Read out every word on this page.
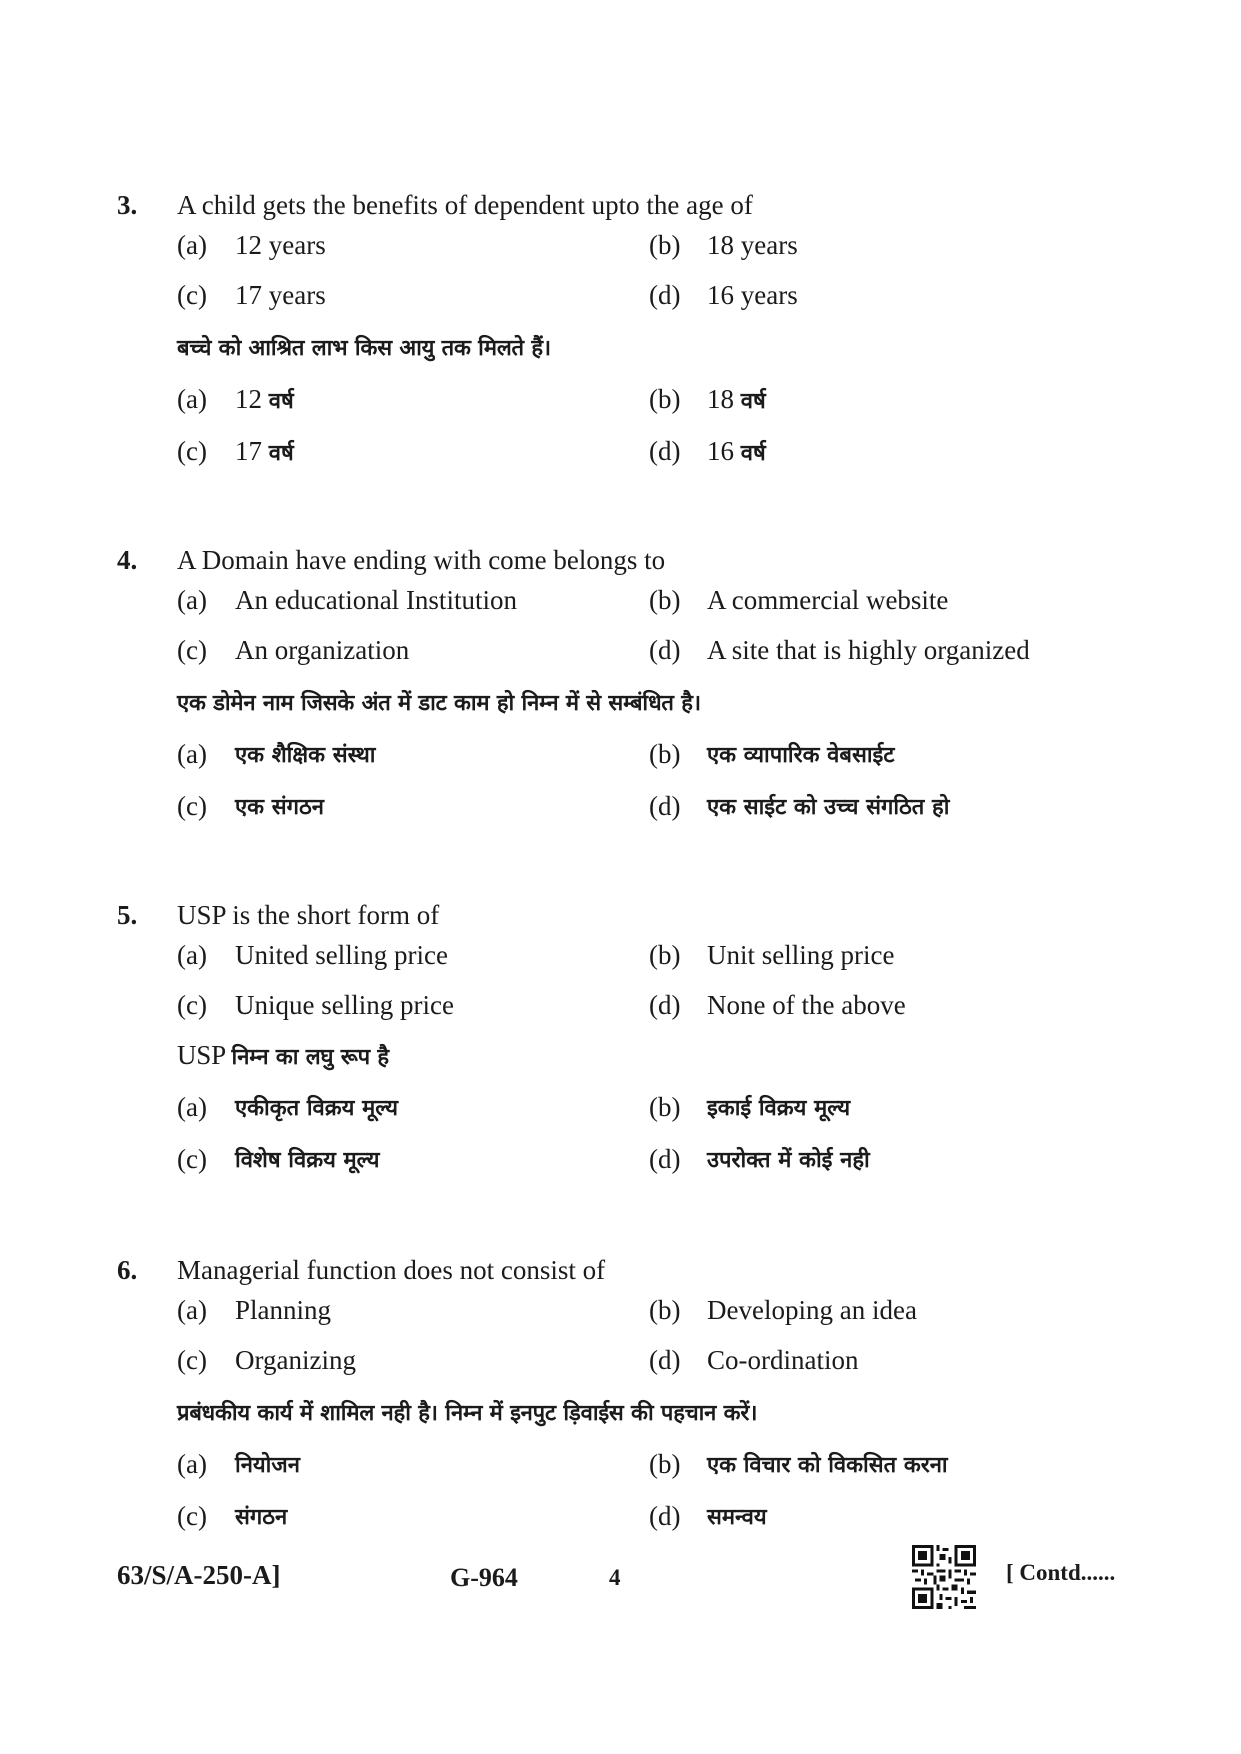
3.	A child gets the benefits of dependent upto the age of
(a)	12 years	(b) 18 years
(c)	17 years	(d) 16 years
बच्चे को आश्रित लाभ किस आयु तक मिलते हैं।
(a)	12 वर्ष	(b) 18 वर्ष
(c)	17 वर्ष	(d) 16 वर्ष
4.	A Domain have ending with come belongs to
(a)	An educational Institution	(b) A commercial website
(c)	An organization	(d) A site that is highly organized
एक डोमेन नाम जिसके अंत में डाट काम हो निम्न में से सम्बंधित है।
(a)	एक शैक्षिक संस्था	(b)	एक व्यापारिक वेबसाईट
(c)	एक संगठन	(d)	एक साईट को उच्च संगठित हो
5.	USP is the short form of
(a)	United selling price	(b) Unit selling price
(c)	Unique selling price	(d) None of the above
USP निम्न का लघु रूप है
(a)	एकीकृत विक्रय मूल्य	(b)	इकाई विक्रय मूल्य
(c)	विशेष विक्रय मूल्य	(d)	उपरोक्त में कोई नही
6.	Managerial function does not consist of
(a)	Planning	(b) Developing an idea
(c)	Organizing	(d) Co-ordination
प्रबंधकीय कार्य में शामिल नही है। निम्न में इनपुट ड़िवाईस की पहचान करें।
(a)	नियोजन	(b)	एक विचार को विकसित करना
(c)	संगठन	(d)	समन्वय
63/S/A-250-A]	G-964	4	[ Contd......
